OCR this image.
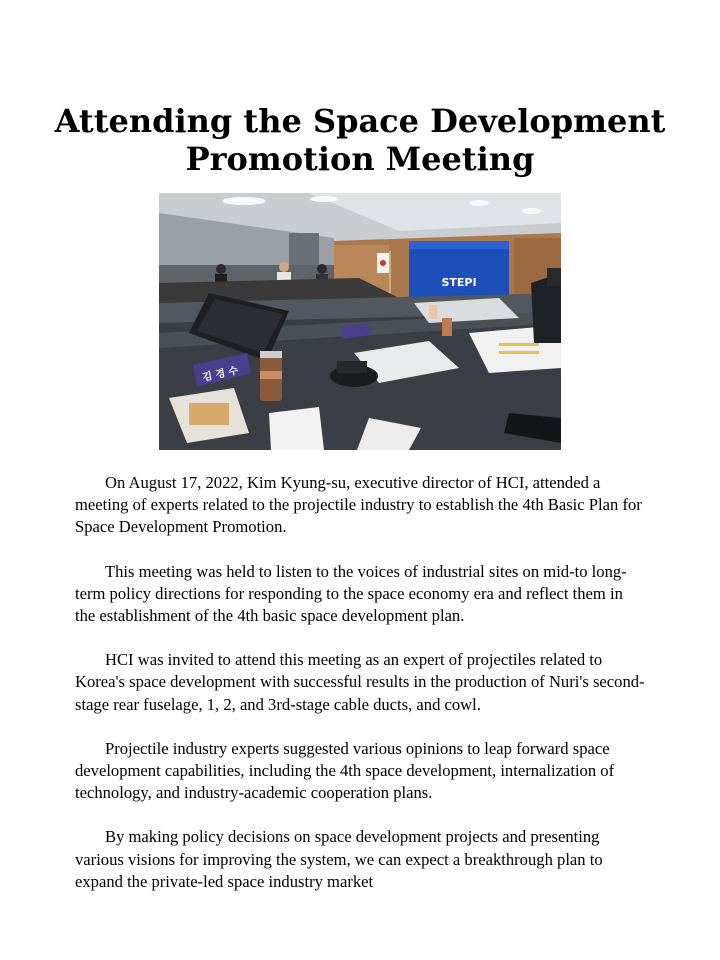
Attending the Space Development Promotion Meeting
STEPI
김 경 수

On August 17, 2022, Kim Kyung-su, executive director of HCI, attended a meeting of experts related to the projectile industry to establish the 4th Basic Plan for Space Development Promotion.

This meeting was held to listen to the voices of industrial sites on mid-to long-term policy directions for responding to the space economy era and reflect them in the establishment of the 4th basic space development plan.

HCI was invited to attend this meeting as an expert of projectiles related to Korea's space development with successful results in the production of Nuri's second-stage rear fuselage, 1, 2, and 3rd-stage cable ducts, and cowl.

Projectile industry experts suggested various opinions to leap forward space development capabilities, including the 4th space development, internalization of technology, and industry-academic cooperation plans.

By making policy decisions on space development projects and presenting various visions for improving the system, we can expect a breakthrough plan to expand the private-led space industry market
